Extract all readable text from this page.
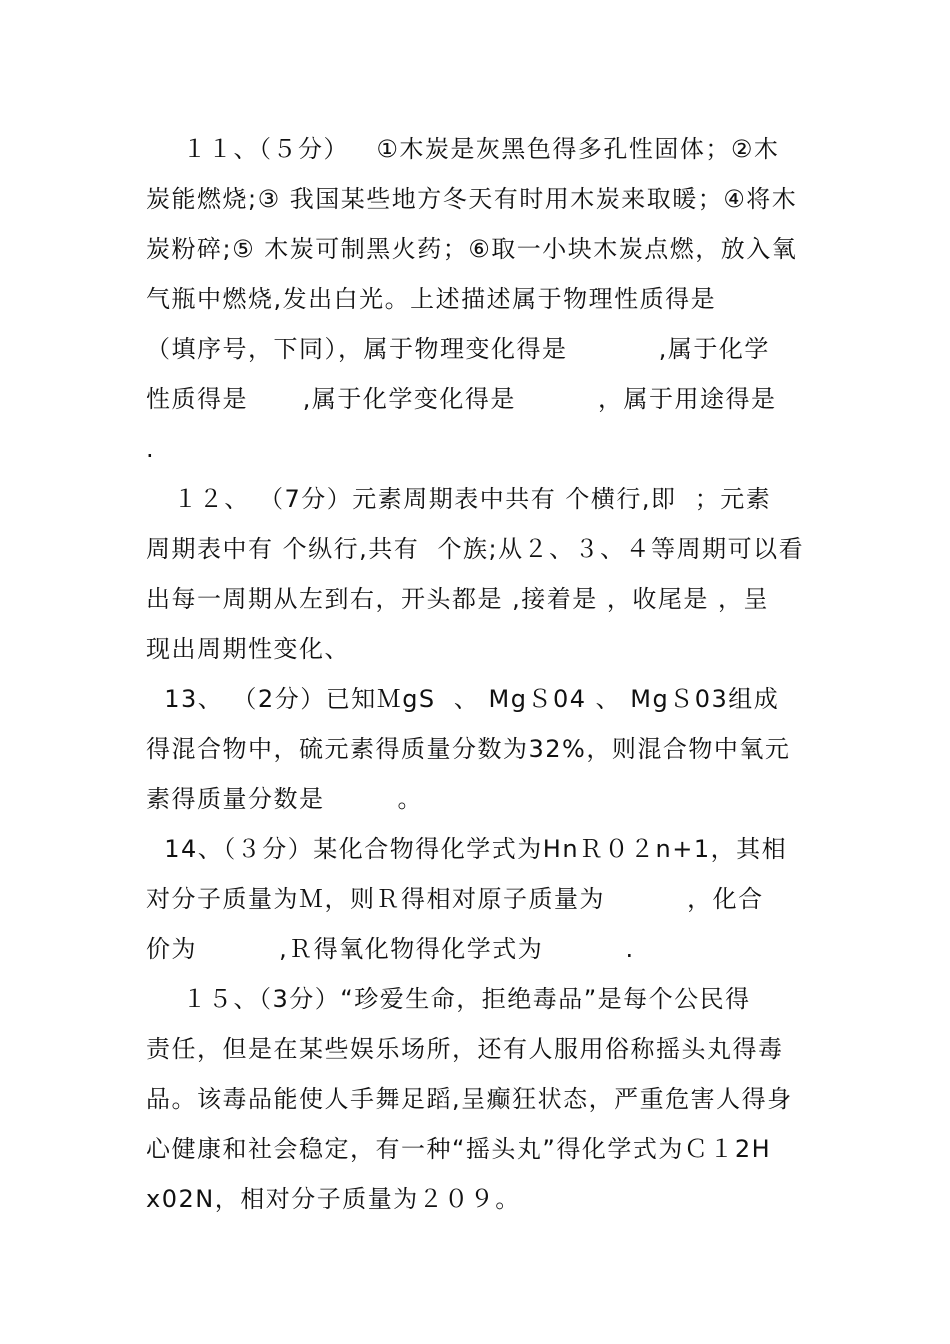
１１、（５分）   ①木炭是灰黑色得多孔性固体；②木
炭能燃烧;③ 我国某些地方冬天有时用木炭来取暖；④将木
炭粉碎;⑤ 木炭可制黑火药；⑥取一小块木炭点燃，放入氧
气瓶中燃烧,发出白光。上述描述属于物理性质得是
（填序号，下同），属于物理变化得是          ,属于化学
性质得是      ,属于化学变化得是         ，属于用途得是
.
１２、 （7分）元素周期表中共有 个横行,即  ；元素
周期表中有 个纵行,共有  个族;从２、３、４等周期可以看
出每一周期从左到右，开头都是 ,接着是 ，收尾是 ，呈
现出周期性变化、
13、 （2分）已知ＭgS  、 MgＳ04 、 MgＳ03组成
得混合物中，硫元素得质量分数为32%，则混合物中氧元
素得质量分数是        。
14、（３分）某化合物得化学式为HnＲ０２n+1，其相
对分子质量为Ｍ，则Ｒ得相对原子质量为         ，化合
价为         ,Ｒ得氧化物得化学式为         .
１５、（3分）“珍爱生命，拒绝毒品”是每个公民得
责任，但是在某些娱乐场所，还有人服用俗称摇头丸得毒
品。该毒品能使人手舞足蹈,呈癫狂状态，严重危害人得身
心健康和社会稳定，有一种“摇头丸”得化学式为Ｃ１2H
x02N，相对分子质量为２０９。
